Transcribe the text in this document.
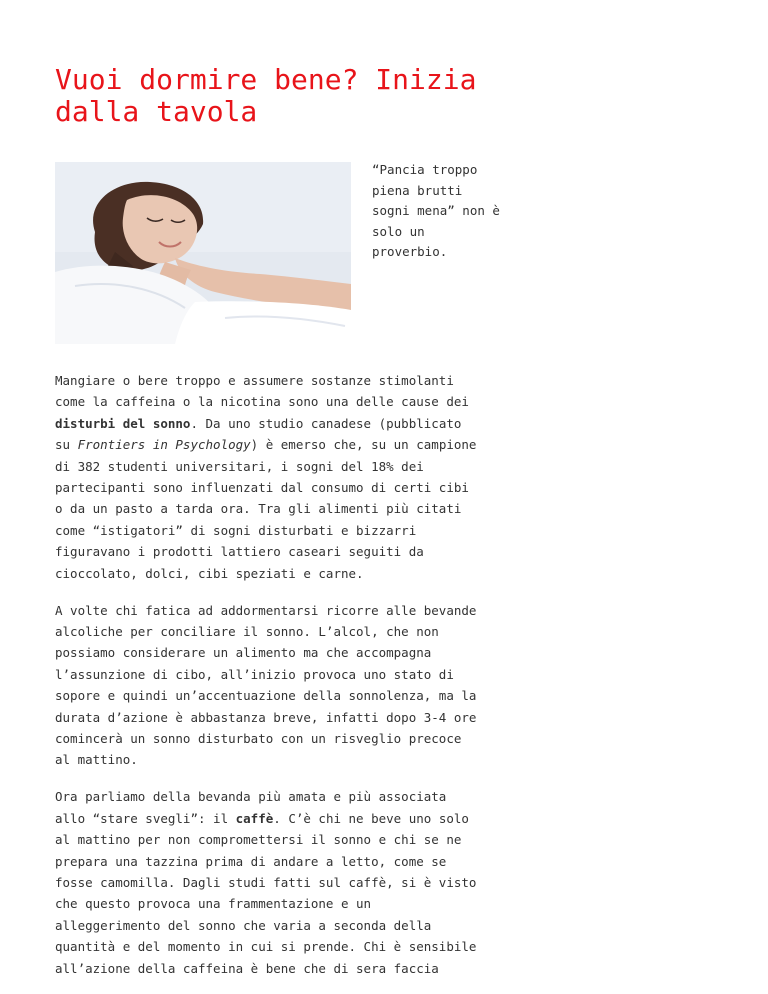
Vuoi dormire bene? Inizia
dalla tavola

“Pancia troppo
piena brutti
sogni mena” non è
solo un
proverbio.

Mangiare o bere troppo e assumere sostanze stimolanti
come la caffeina o la nicotina sono una delle cause dei
disturbi del sonno. Da uno studio canadese (pubblicato
su Frontiers in Psychology) è emerso che, su un campione
di 382 studenti universitari, i sogni del 18% dei
partecipanti sono influenzati dal consumo di certi cibi
o da un pasto a tarda ora. Tra gli alimenti più citati
come “istigatori” di sogni disturbati e bizzarri
figuravano i prodotti lattiero caseari seguiti da
cioccolato, dolci, cibi speziati e carne.

A volte chi fatica ad addormentarsi ricorre alle bevande
alcoliche per conciliare il sonno. L’alcol, che non
possiamo considerare un alimento ma che accompagna
l’assunzione di cibo, all’inizio provoca uno stato di
sopore e quindi un’accentuazione della sonnolenza, ma la
durata d’azione è abbastanza breve, infatti dopo 3-4 ore
comincerà un sonno disturbato con un risveglio precoce
al mattino.

Ora parliamo della bevanda più amata e più associata
allo “stare svegli”: il caffè. C’è chi ne beve uno solo
al mattino per non compromettersi il sonno e chi se ne
prepara una tazzina prima di andare a letto, come se
fosse camomilla. Dagli studi fatti sul caffè, si è visto
che questo provoca una frammentazione e un
alleggerimento del sonno che varia a seconda della
quantità e del momento in cui si prende. Chi è sensibile
all’azione della caffeina è bene che di sera faccia
